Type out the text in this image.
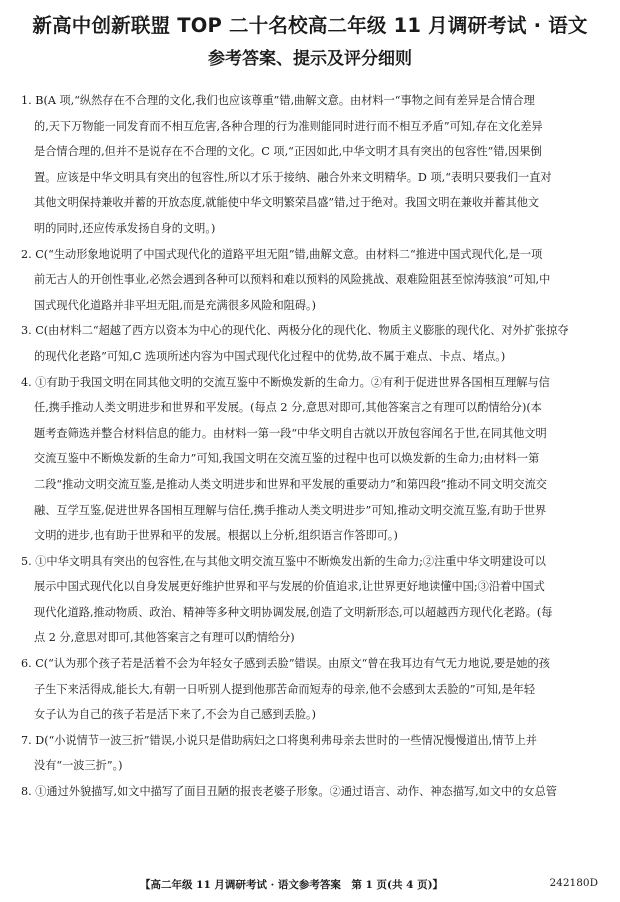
新高中创新联盟 TOP 二十名校高二年级 11 月调研考试 · 语文
参考答案、提示及评分细则
1. B(A 项,“纵然存在不合理的文化,我们也应该尊重”错,曲解文意。由材料一“事物之间有差异是合情合理
的,天下万物能一同发育而不相互危害,各种合理的行为准则能同时进行而不相互矛盾”可知,存在文化差异
是合情合理的,但并不是说存在不合理的文化。C 项,“正因如此,中华文明才具有突出的包容性”错,因果倒
置。应该是中华文明具有突出的包容性,所以才乐于接纳、融合外来文明精华。D 项,“表明只要我们一直对
其他文明保持兼收并蓄的开放态度,就能使中华文明繁荣昌盛”错,过于绝对。我国文明在兼收并蓄其他文
明的同时,还应传承发扬自身的文明。)
2. C(“生动形象地说明了中国式现代化的道路平坦无阻”错,曲解文意。由材料二“推进中国式现代化,是一项
前无古人的开创性事业,必然会遇到各种可以预料和难以预料的风险挑战、艰难险阻甚至惊涛骇浪”可知,中
国式现代化道路并非平坦无阻,而是充满很多风险和阻碍。)
3. C(由材料二“超越了西方以资本为中心的现代化、两极分化的现代化、物质主义膨胀的现代化、对外扩张掠夺
的现代化老路”可知,C 选项所述内容为中国式现代化过程中的优势,故不属于难点、卡点、堵点。)
4. ①有助于我国文明在同其他文明的交流互鉴中不断焕发新的生命力。②有利于促进世界各国相互理解与信
任,携手推动人类文明进步和世界和平发展。(每点 2 分,意思对即可,其他答案言之有理可以酌情给分)(本
题考查筛选并整合材料信息的能力。由材料一第一段“中华文明自古就以开放包容闻名于世,在同其他文明
交流互鉴中不断焕发新的生命力”可知,我国文明在交流互鉴的过程中也可以焕发新的生命力;由材料一第
二段“推动文明交流互鉴,是推动人类文明进步和世界和平发展的重要动力”和第四段“推动不同文明交流交
融、互学互鉴,促进世界各国相互理解与信任,携手推动人类文明进步”可知,推动文明交流互鉴,有助于世界
文明的进步,也有助于世界和平的发展。根据以上分析,组织语言作答即可。)
5. ①中华文明具有突出的包容性,在与其他文明交流互鉴中不断焕发出新的生命力;②注重中华文明建设可以
展示中国式现代化以自身发展更好维护世界和平与发展的价值追求,让世界更好地读懂中国;③沿着中国式
现代化道路,推动物质、政治、精神等多种文明协调发展,创造了文明新形态,可以超越西方现代化老路。(每
点 2 分,意思对即可,其他答案言之有理可以酌情给分)
6. C(“认为那个孩子若是活着不会为年轻女子感到丢脸”错误。由原文“曾在我耳边有气无力地说,要是她的孩
子生下来活得成,能长大,有朝一日听别人提到他那苦命而短寿的母亲,他不会感到太丢脸的”可知,是年轻
女子认为自己的孩子若是活下来了,不会为自己感到丢脸。)
7. D(“小说情节一波三折”错误,小说只是借助病妇之口将奥利弗母亲去世时的一些情况慢慢道出,情节上并
没有“一波三折”。)
8. ①通过外貌描写,如文中描写了面目丑陋的报丧老婆子形象。②通过语言、动作、神态描写,如文中的女总管
【高二年级 11 月调研考试 · 语文参考答案　第 1 页(共 4 页)】	242180D
